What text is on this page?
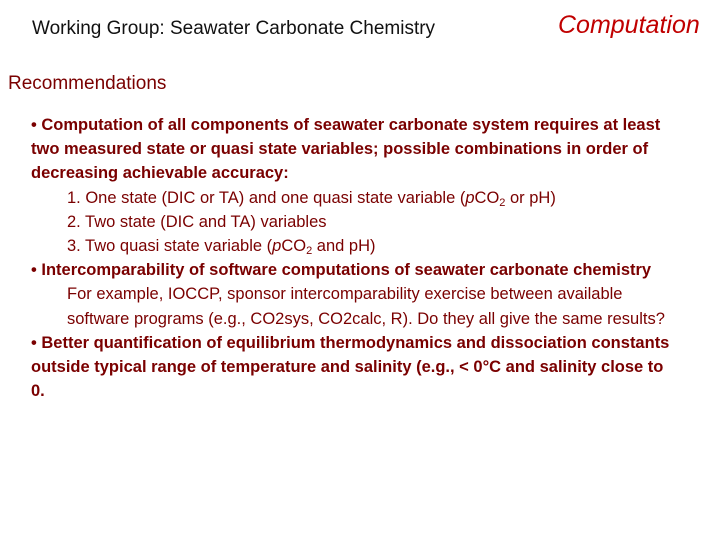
Working Group: Seawater Carbonate Chemistry	Computation
Recommendations

• Computation of all components of seawater carbonate system requires at least two measured state or quasi state variables; possible combinations in order of decreasing achievable accuracy:

1. One state (DIC or TA) and one quasi state variable (pCO$_2$ or pH)
2. Two state (DIC and TA) variables
3. Two quasi state variable (pCO$_2$ and pH)

• Intercomparability of software computations of seawater carbonate chemistry

For example, IOCCP, sponsor intercomparability exercise between available software programs (e.g., CO2sys, CO2calc, R). Do they all give the same results?

• Better quantification of equilibrium thermodynamics and dissociation constants outside typical range of temperature and salinity (e.g., < 0°C and salinity close to 0.
